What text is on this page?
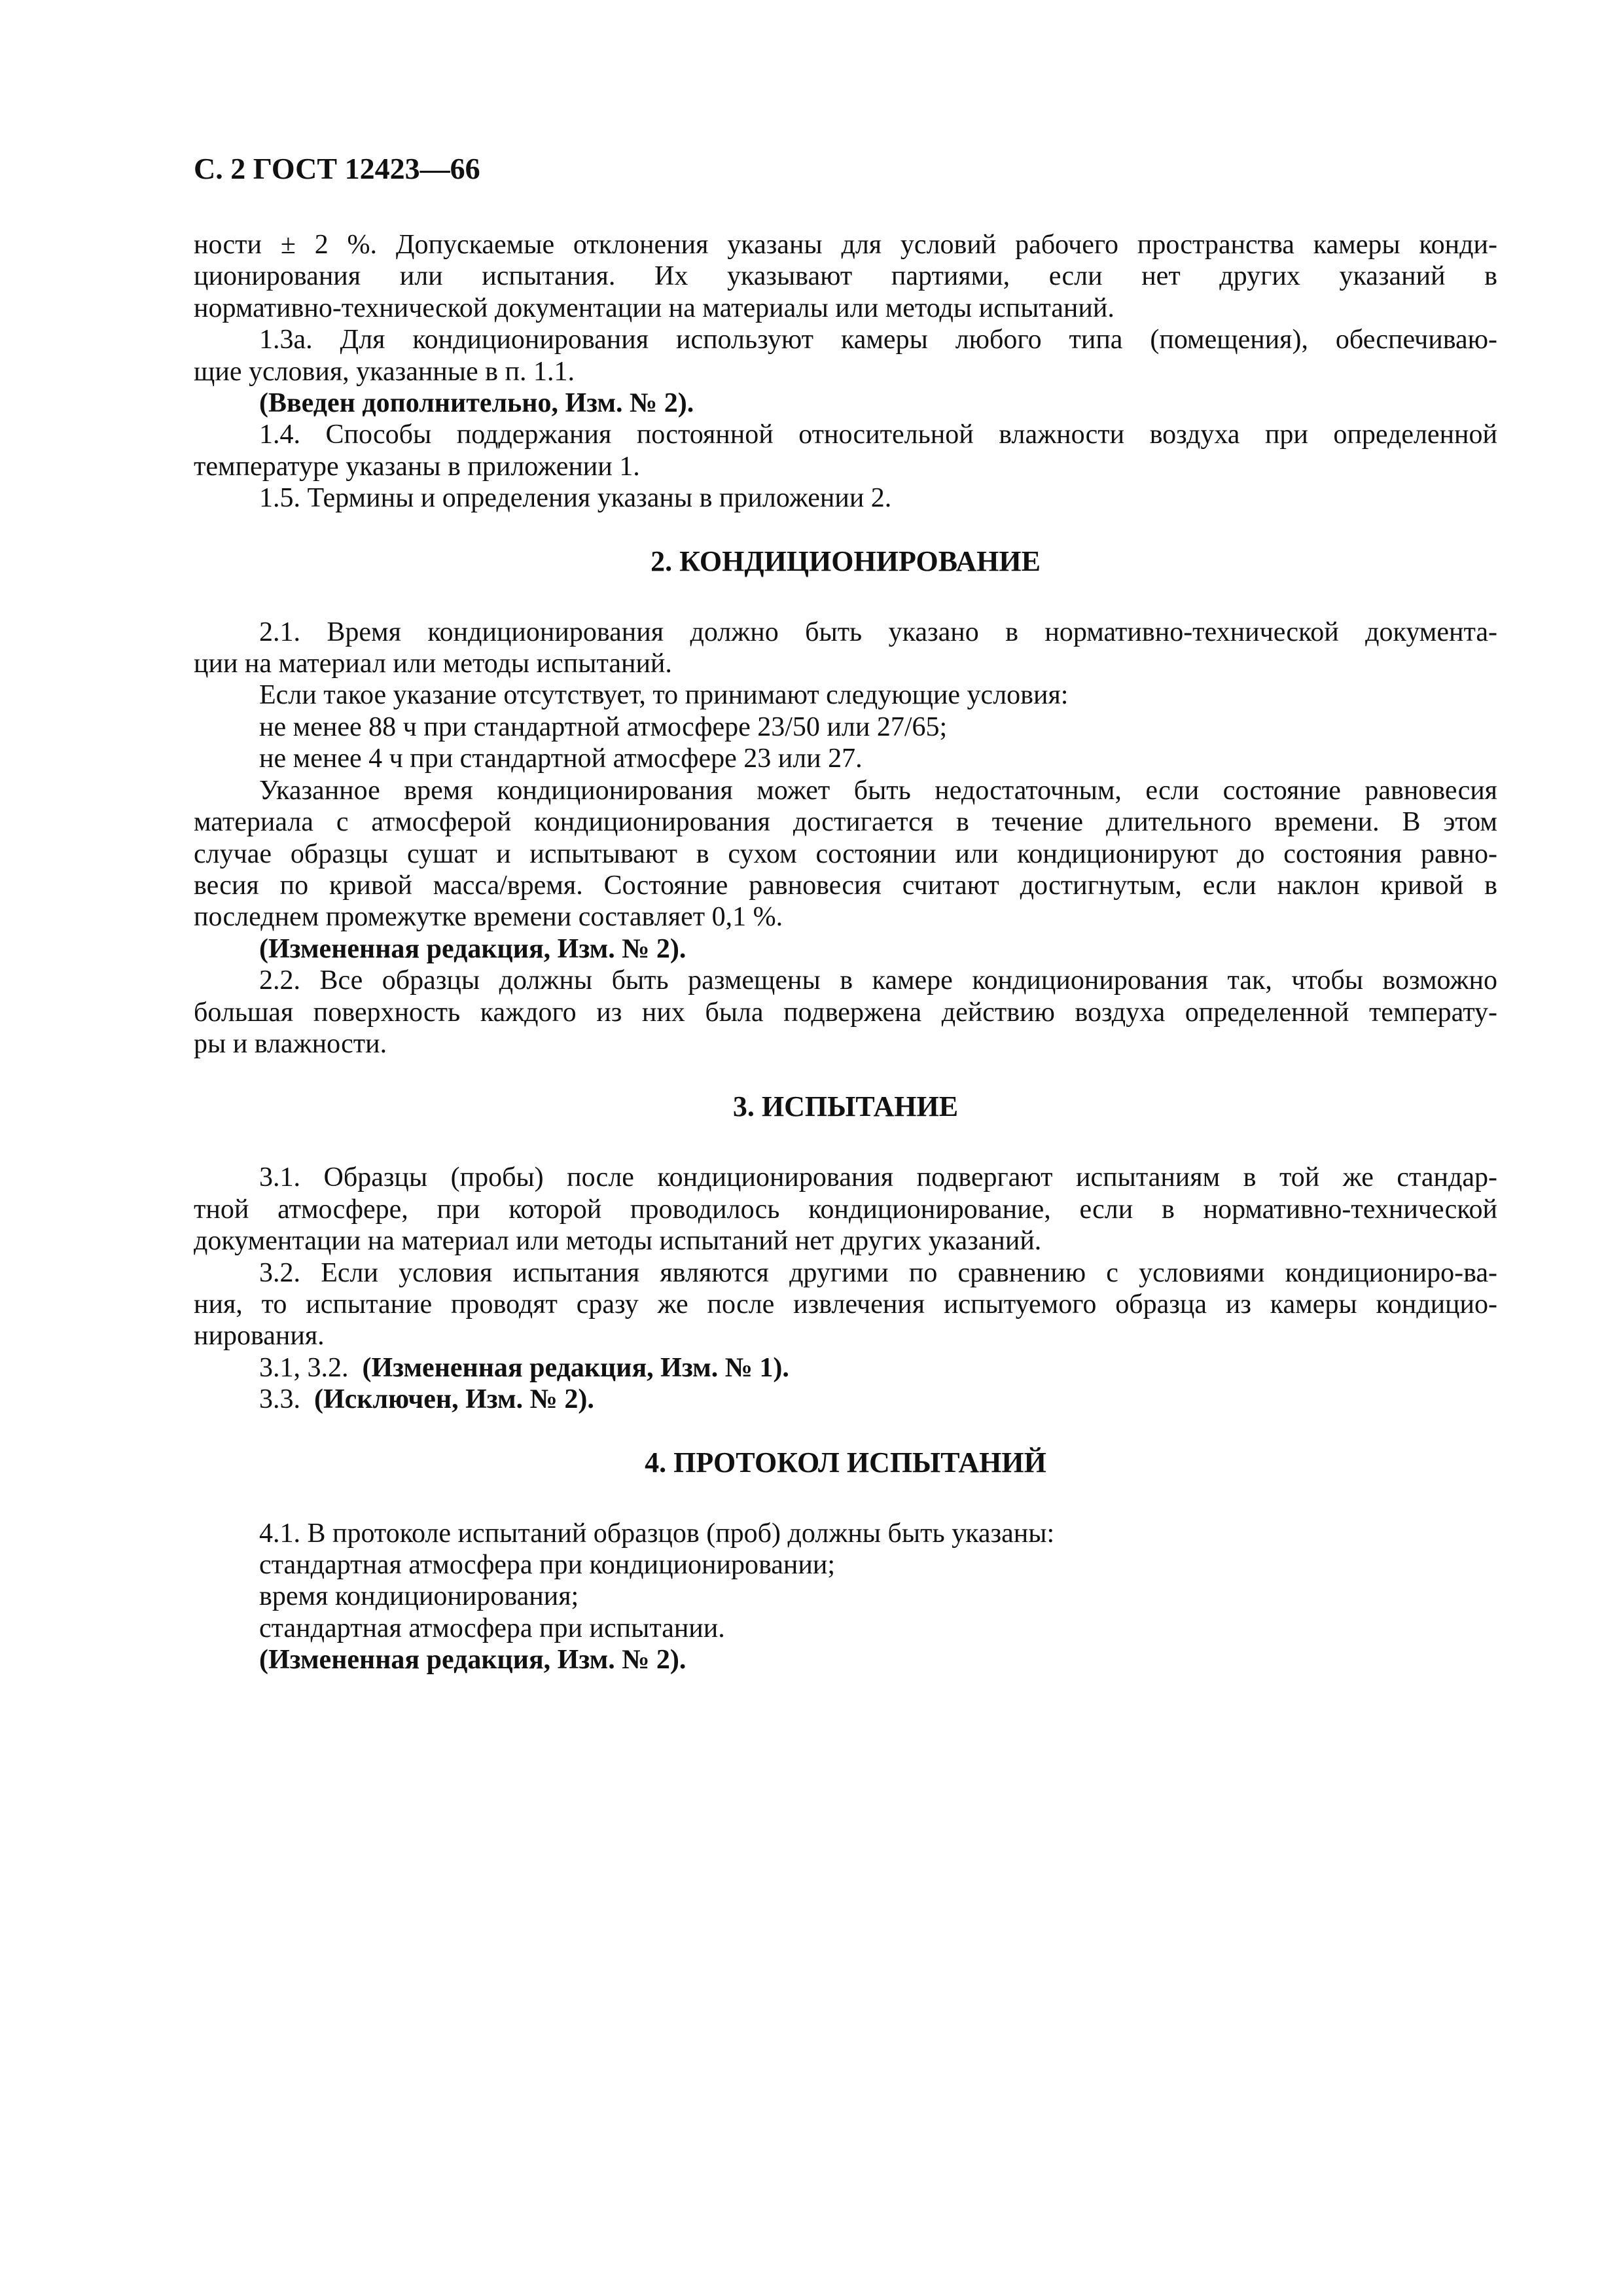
С. 2 ГОСТ 12423—66

ности ± 2 %. Допускаемые отклонения указаны для условий рабочего пространства камеры конди-
ционирования или испытания. Их указывают партиями, если нет других указаний в
нормативно-технической документации на материалы или методы испытаний.

1.3а. Для кондиционирования используют камеры любого типа (помещения), обеспечиваю-
щие условия, указанные в п. 1.1.
(Введен дополнительно, Изм. № 2).

1.4. Способы поддержания постоянной относительной влажности воздуха при определенной
температуре указаны в приложении 1.

1.5. Термины и определения указаны в приложении 2.

2. КОНДИЦИОНИРОВАНИЕ

2.1. Время кондиционирования должно быть указано в нормативно-технической документа-
ции на материал или методы испытаний.
Если такое указание отсутствует, то принимают следующие условия:
не менее 88 ч при стандартной атмосфере 23/50 или 27/65;
не менее 4 ч при стандартной атмосфере 23 или 27.
Указанное время кондиционирования может быть недостаточным, если состояние равновесия
материала с атмосферой кондиционирования достигается в течение длительного времени. В этом
случае образцы сушат и испытывают в сухом состоянии или кондиционируют до состояния равно-
весия по кривой масса/время. Состояние равновесия считают достигнутым, если наклон кривой в
последнем промежутке времени составляет 0,1 %.
(Измененная редакция, Изм. № 2).

2.2. Все образцы должны быть размещены в камере кондиционирования так, чтобы возможно
большая поверхность каждого из них была подвержена действию воздуха определенной температу-
ры и влажности.

3. ИСПЫТАНИЕ

3.1. Образцы (пробы) после кондиционирования подвергают испытаниям в той же стандар-
тной атмосфере, при которой проводилось кондиционирование, если в нормативно-технической
документации на материал или методы испытаний нет других указаний.

3.2. Если условия испытания являются другими по сравнению с условиями кондициониро-ва-
ния, то испытание проводят сразу же после извлечения испытуемого образца из камеры кондицио-
нирования.

3.1, 3.2. (Измененная редакция, Изм. № 1).

3.3. (Исключен, Изм. № 2).

4. ПРОТОКОЛ ИСПЫТАНИЙ

4.1. В протоколе испытаний образцов (проб) должны быть указаны:
стандартная атмосфера при кондиционировании;
время кондиционирования;
стандартная атмосфера при испытании.
(Измененная редакция, Изм. № 2).
